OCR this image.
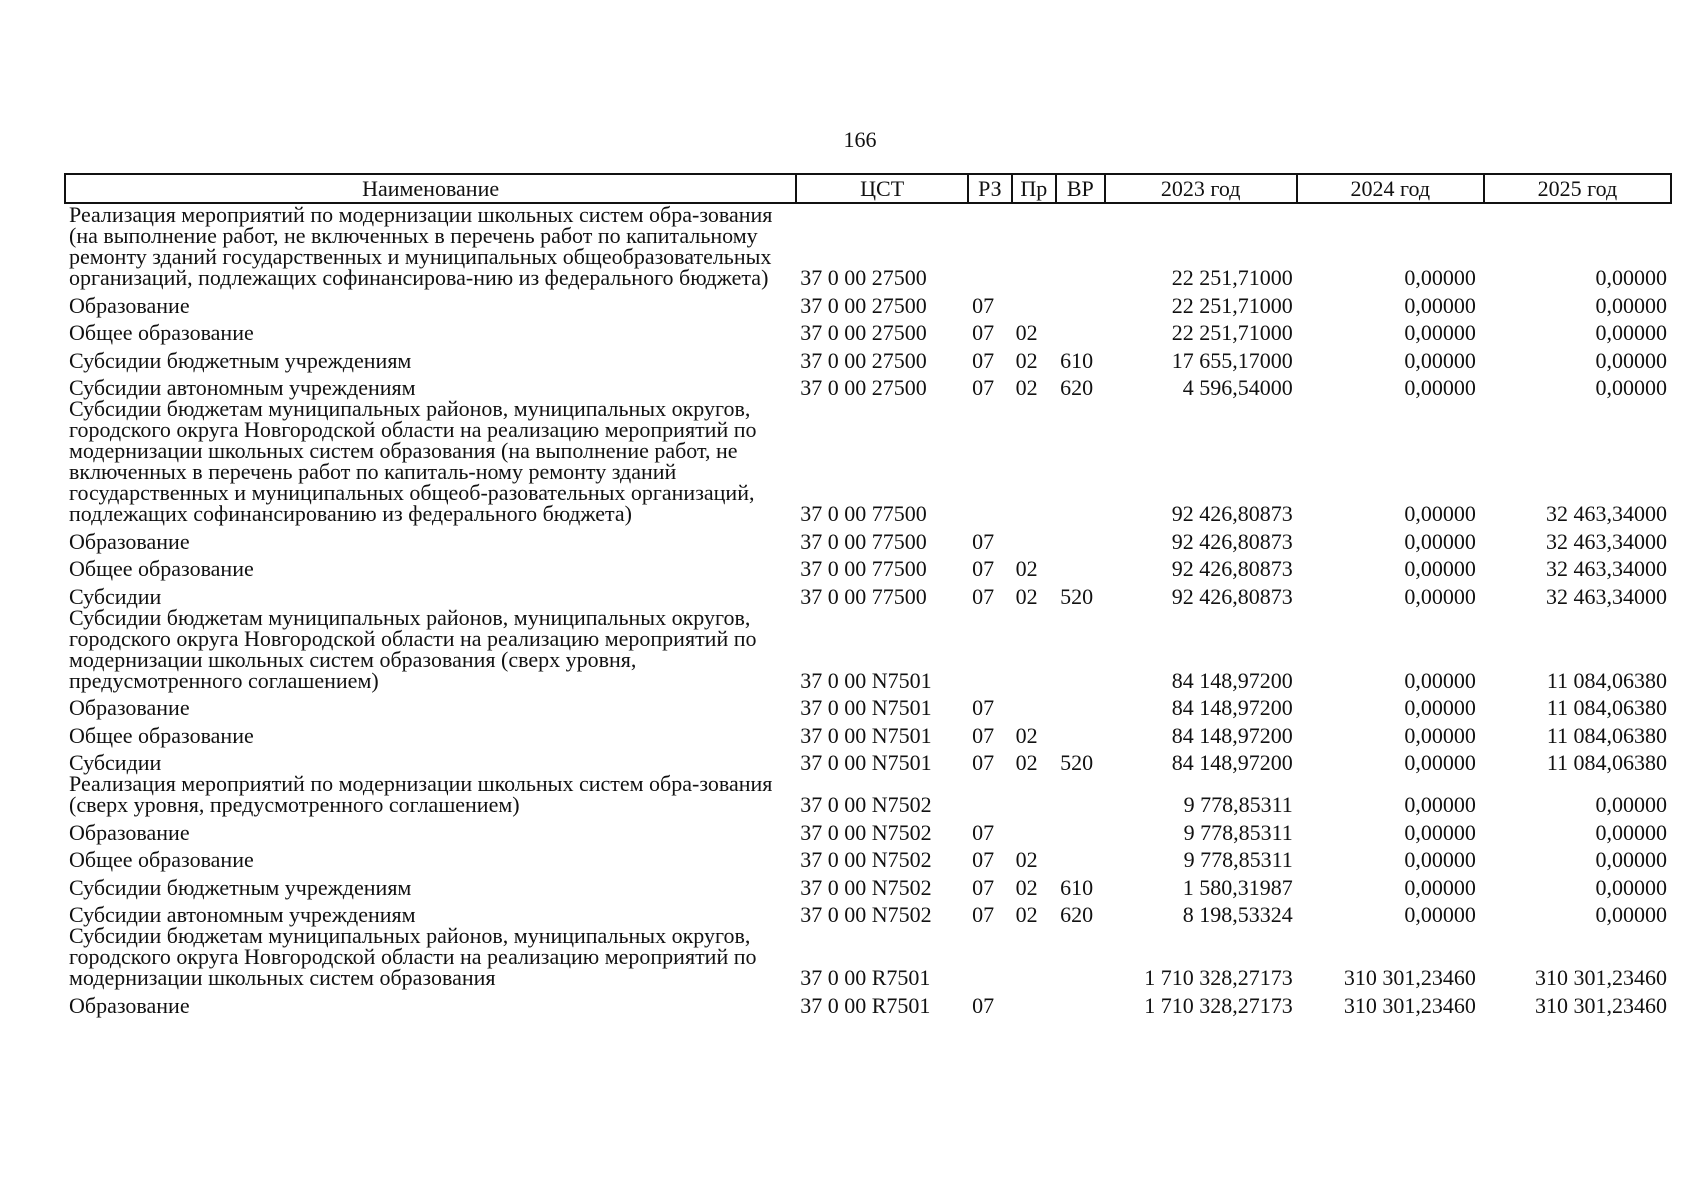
166
Наименование	ЦСТ	РЗ	Пр	ВР	2023 год	2024 год	2025 год
Реализация мероприятий по модернизации школьных систем обра-зования (на выполнение работ, не включенных в перечень работ по капитальному ремонту зданий государственных и муниципальных общеобразовательных организаций, подлежащих софинансирова-нию из федерального бюджета)	37 0 00 27500				22 251,71000	0,00000	0,00000
Образование	37 0 00 27500	07			22 251,71000	0,00000	0,00000
Общее образование	37 0 00 27500	07	02		22 251,71000	0,00000	0,00000
Субсидии бюджетным учреждениям	37 0 00 27500	07	02	610	17 655,17000	0,00000	0,00000
Субсидии автономным учреждениям	37 0 00 27500	07	02	620	4 596,54000	0,00000	0,00000
Субсидии бюджетам муниципальных районов, муниципальных округов, городского округа Новгородской области на реализацию мероприятий по модернизации школьных систем образования (на выполнение работ, не включенных в перечень работ по капиталь-ному ремонту зданий государственных и муниципальных общеоб-разовательных организаций, подлежащих софинансированию из федерального бюджета)	37 0 00 77500				92 426,80873	0,00000	32 463,34000
Образование	37 0 00 77500	07			92 426,80873	0,00000	32 463,34000
Общее образование	37 0 00 77500	07	02		92 426,80873	0,00000	32 463,34000
Субсидии	37 0 00 77500	07	02	520	92 426,80873	0,00000	32 463,34000
Субсидии бюджетам муниципальных районов, муниципальных округов, городского округа Новгородской области на реализацию мероприятий по модернизации школьных систем образования (сверх уровня, предусмотренного соглашением)	37 0 00 N7501				84 148,97200	0,00000	11 084,06380
Образование	37 0 00 N7501	07			84 148,97200	0,00000	11 084,06380
Общее образование	37 0 00 N7501	07	02		84 148,97200	0,00000	11 084,06380
Субсидии	37 0 00 N7501	07	02	520	84 148,97200	0,00000	11 084,06380
Реализация мероприятий по модернизации школьных систем обра-зования (сверх уровня, предусмотренного соглашением)	37 0 00 N7502				9 778,85311	0,00000	0,00000
Образование	37 0 00 N7502	07			9 778,85311	0,00000	0,00000
Общее образование	37 0 00 N7502	07	02		9 778,85311	0,00000	0,00000
Субсидии бюджетным учреждениям	37 0 00 N7502	07	02	610	1 580,31987	0,00000	0,00000
Субсидии автономным учреждениям	37 0 00 N7502	07	02	620	8 198,53324	0,00000	0,00000
Субсидии бюджетам муниципальных районов, муниципальных округов, городского округа Новгородской области на реализацию мероприятий по модернизации школьных систем образования	37 0 00 R7501				1 710 328,27173	310 301,23460	310 301,23460
Образование	37 0 00 R7501	07			1 710 328,27173	310 301,23460	310 301,23460
